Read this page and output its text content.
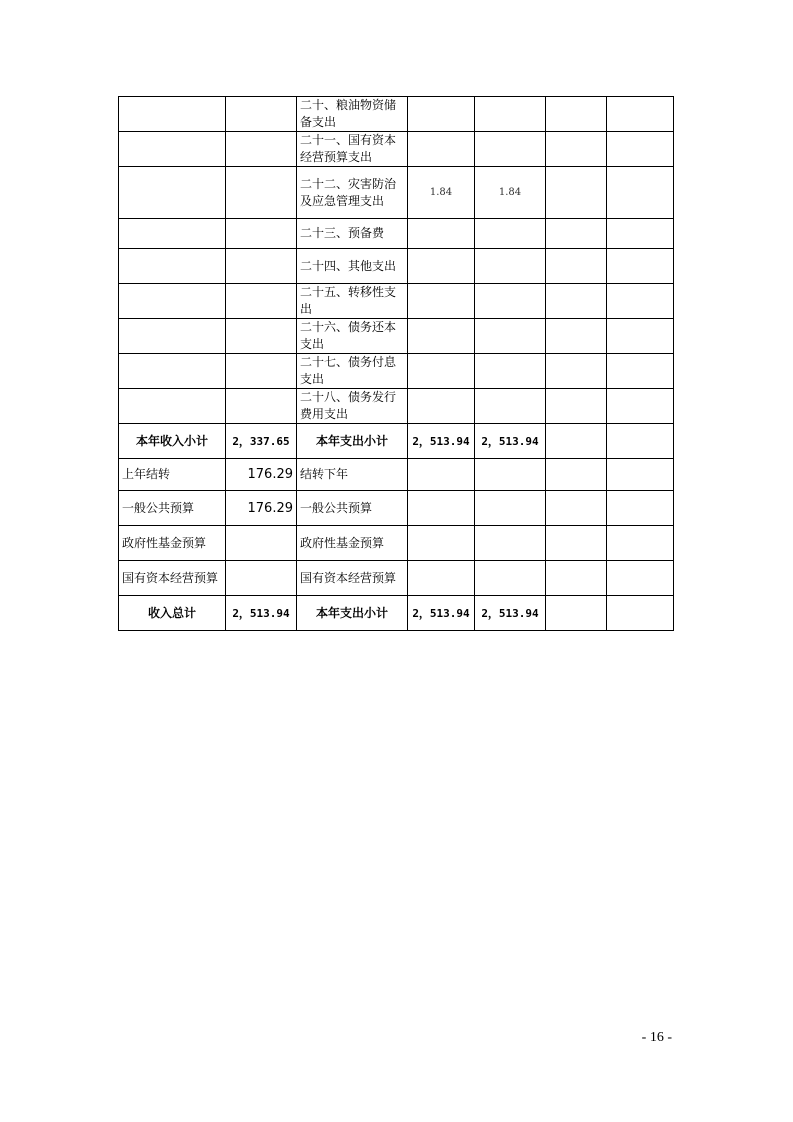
		二十、粮油物资储备支出				
		二十一、国有资本经营预算支出				
		二十二、灾害防治及应急管理支出	1.84	1.84		
		二十三、预备费				
		二十四、其他支出				
		二十五、转移性支出				
		二十六、债务还本支出				
		二十七、债务付息支出				
		二十八、债务发行费用支出				
本年收入小计	2，337.65	本年支出小计	2，513.94	2，513.94		
上年结转	176.29	结转下年				
一般公共预算	176.29	一般公共预算				
政府性基金预算		政府性基金预算				
国有资本经营预算		国有资本经营预算				
收入总计	2，513.94	本年支出小计	2，513.94	2，513.94		
- 16 -
